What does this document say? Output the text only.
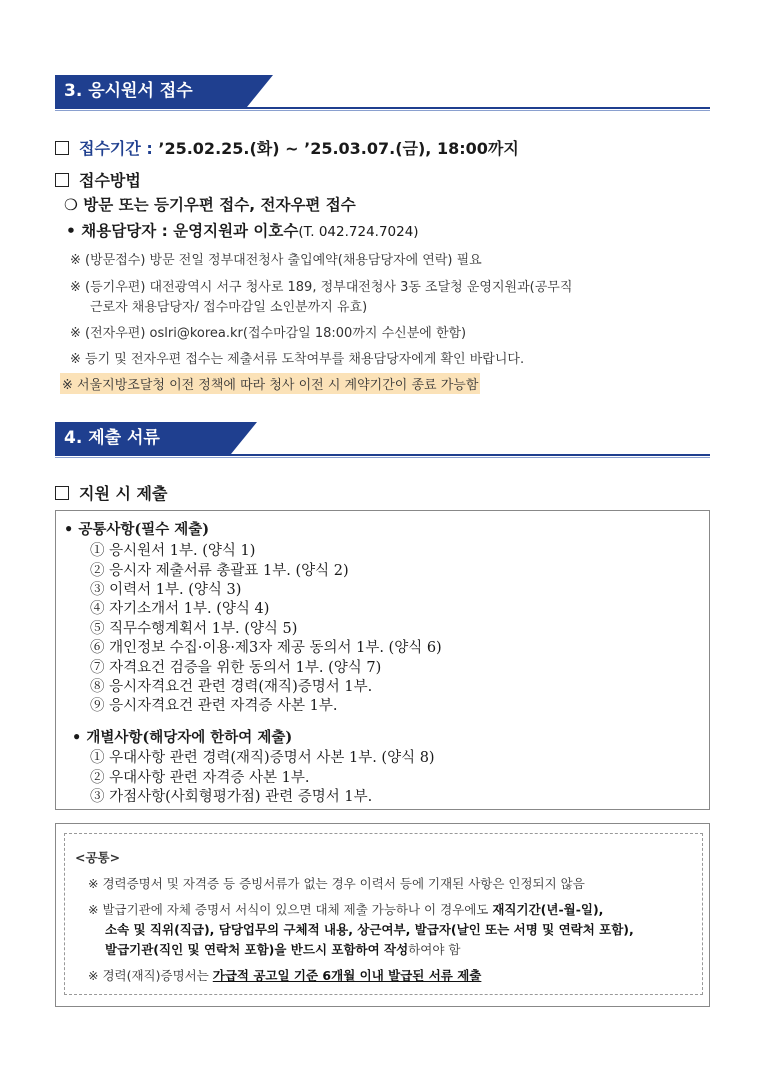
3. 응시원서 접수
접수기간 : ’25.02.25.(화) ~ ’25.03.07.(금), 18:00까지
접수방법
❍ 방문 또는 등기우편 접수, 전자우편 접수
• 채용담당자 : 운영지원과 이호수(T. 042.724.7024)
※ (방문접수) 방문 전일 정부대전청사 출입예약(채용담당자에 연락) 필요
※ (등기우편) 대전광역시 서구 청사로 189, 정부대전청사 3동 조달청 운영지원과(공무직
근로자 채용담당자/ 접수마감일 소인분까지 유효)
※ (전자우편) oslri@korea.kr(접수마감일 18:00까지 수신분에 한함)
※ 등기 및 전자우편 접수는 제출서류 도착여부를 채용담당자에게 확인 바랍니다.
※ 서울지방조달청 이전 정책에 따라 청사 이전 시 계약기간이 종료 가능함
4. 제출 서류
지원 시 제출
• 공통사항(필수 제출)
① 응시원서 1부. (양식 1)
② 응시자 제출서류 총괄표 1부. (양식 2)
③ 이력서 1부. (양식 3)
④ 자기소개서 1부. (양식 4)
⑤ 직무수행계획서 1부. (양식 5)
⑥ 개인정보 수집·이용·제3자 제공 동의서 1부. (양식 6)
⑦ 자격요건 검증을 위한 동의서 1부. (양식 7)
⑧ 응시자격요건 관련 경력(재직)증명서 1부.
⑨ 응시자격요건 관련 자격증 사본 1부.
• 개별사항(해당자에 한하여 제출)
① 우대사항 관련 경력(재직)증명서 사본 1부. (양식 8)
② 우대사항 관련 자격증 사본 1부.
③ 가점사항(사회형평가점) 관련 증명서 1부.
<공통>
※ 경력증명서 및 자격증 등 증빙서류가 없는 경우 이력서 등에 기재된 사항은 인정되지 않음
※ 발급기관에 자체 증명서 서식이 있으면 대체 제출 가능하나 이 경우에도 재직기간(년-월-일),
소속 및 직위(직급), 담당업무의 구체적 내용, 상근여부, 발급자(날인 또는 서명 및 연락처 포함),
발급기관(직인 및 연락처 포함)을 반드시 포함하여 작성하여야 함
※ 경력(재직)증명서는 가급적 공고일 기준 6개월 이내 발급된 서류 제출
